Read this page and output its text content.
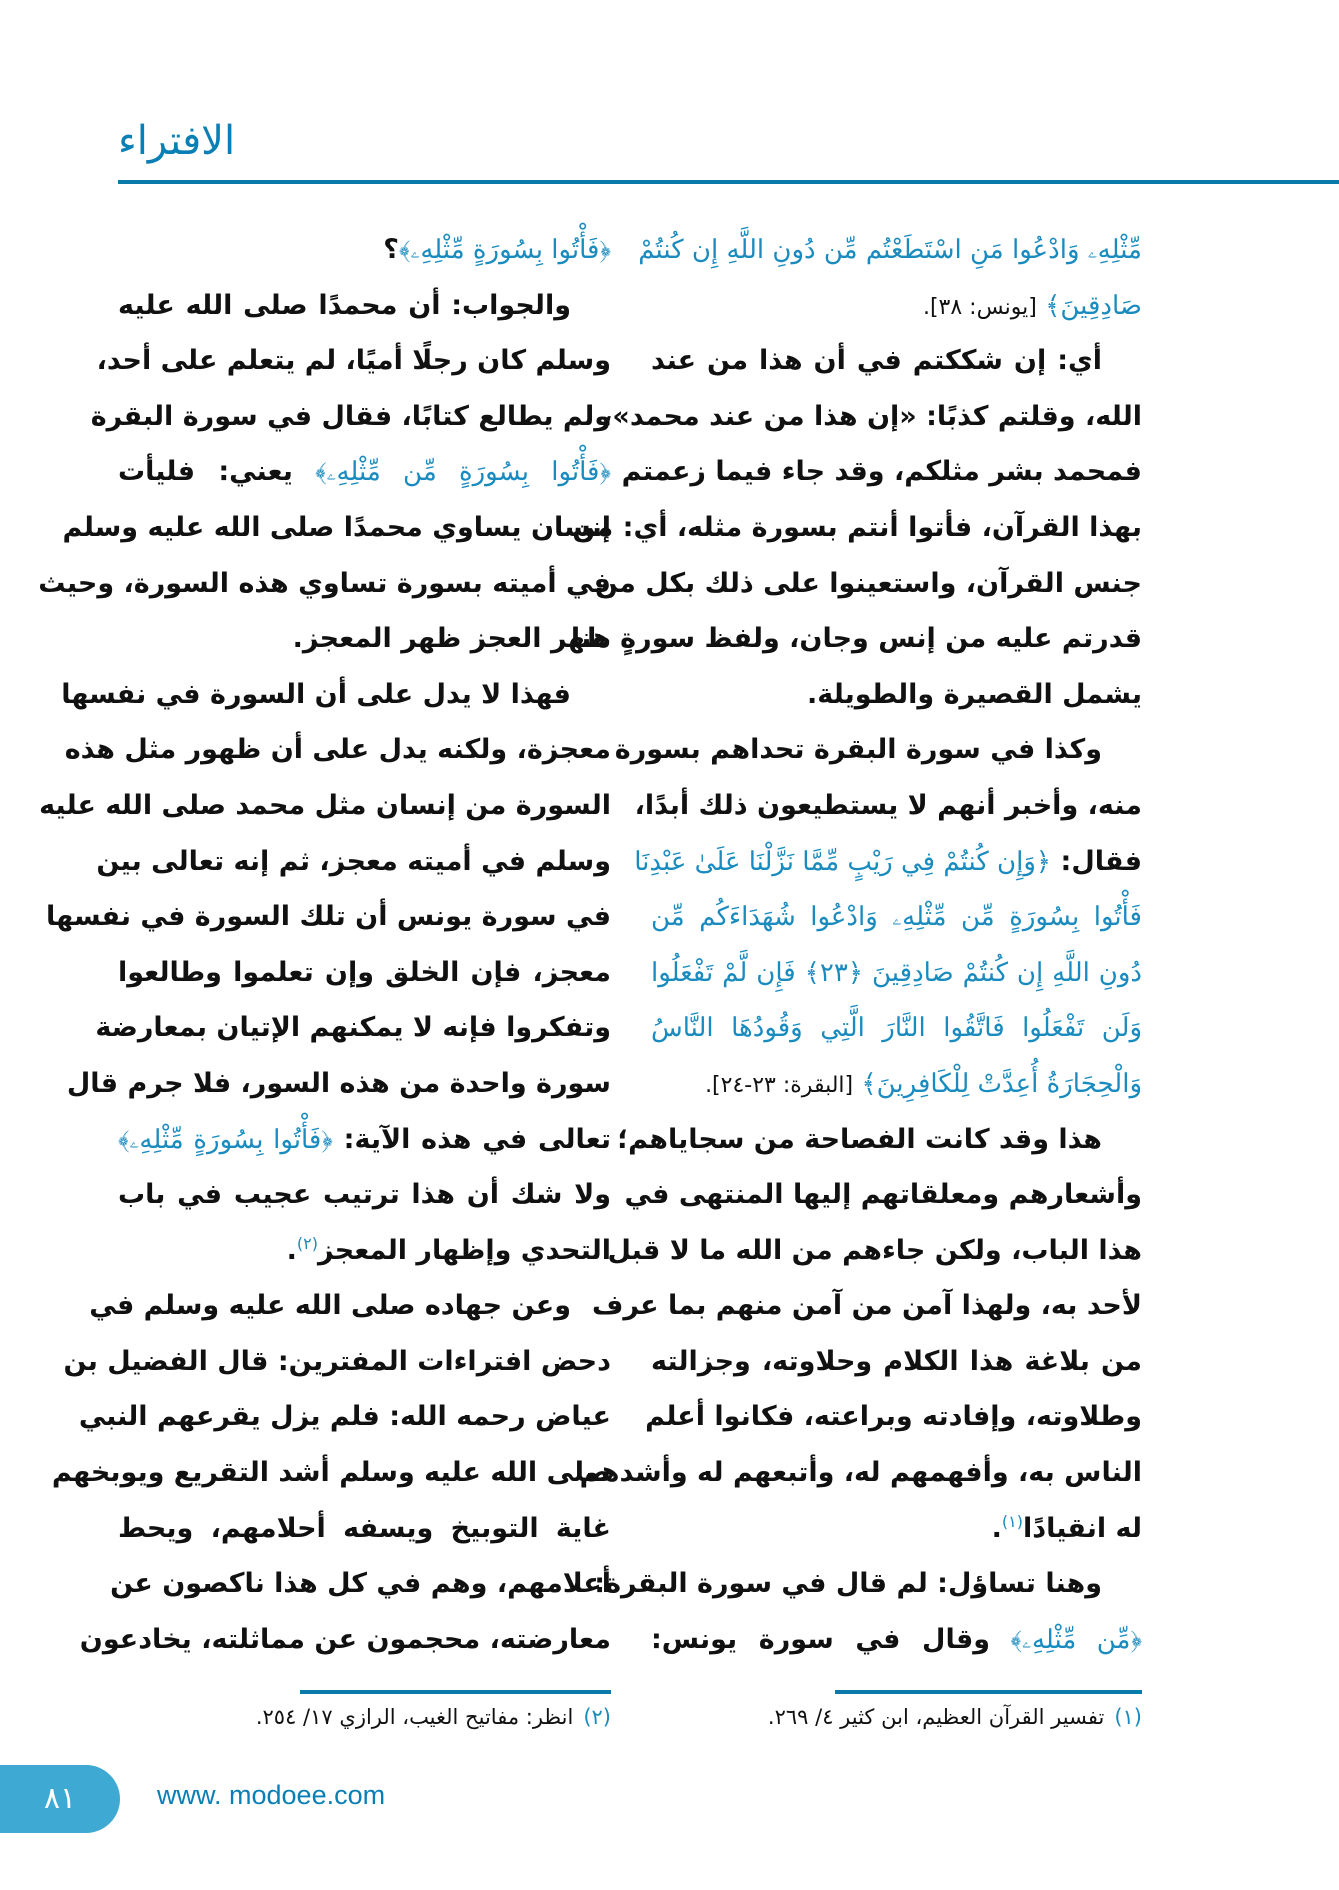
الافتراء
مِّثْلِهِۦ وَادْعُوا مَنِ اسْتَطَعْتُم مِّن دُونِ اللَّهِ إِن كُنتُمْ
صَادِقِينَ﴾ [يونس: ٣٨].
أي: إن شككتم في أن هذا من عند
الله، وقلتم كذبًا: «إن هذا من عند محمد»،
فمحمد بشر مثلكم، وقد جاء فيما زعمتم
بهذا القرآن، فأتوا أنتم بسورة مثله، أي: من
جنس القرآن، واستعينوا على ذلك بكل من
قدرتم عليه من إنس وجان، ولفظ سورةٍ هنا
يشمل القصيرة والطويلة.
وكذا في سورة البقرة تحداهم بسورة
منه، وأخبر أنهم لا يستطيعون ذلك أبدًا،
فقال: ﴿وَإِن كُنتُمْ فِي رَيْبٍ مِّمَّا نَزَّلْنَا عَلَىٰ عَبْدِنَا
فَأْتُوا بِسُورَةٍ مِّن مِّثْلِهِۦ وَادْعُوا شُهَدَاءَكُم مِّن
دُونِ اللَّهِ إِن كُنتُمْ صَادِقِينَ ﴿٢٣﴾ فَإِن لَّمْ تَفْعَلُوا
وَلَن تَفْعَلُوا فَاتَّقُوا النَّارَ الَّتِي وَقُودُهَا النَّاسُ
وَالْحِجَارَةُ أُعِدَّتْ لِلْكَافِرِينَ﴾ [البقرة: ٢٣-٢٤].
هذا وقد كانت الفصاحة من سجاياهم؛
وأشعارهم ومعلقاتهم إليها المنتهى في
هذا الباب، ولكن جاءهم من الله ما لا قبل
لأحد به، ولهذا آمن من آمن منهم بما عرف
من بلاغة هذا الكلام وحلاوته، وجزالته
وطلاوته، وإفادته وبراعته، فكانوا أعلم
الناس به، وأفهمهم له، وأتبعهم له وأشدهم
له انقيادًا$^{(١)}$.
وهنا تساؤل: لم قال في سورة البقرة:
﴿مِّن مِّثْلِهِۦ﴾ وقال في سورة يونس:
﴿فَأْتُوا بِسُورَةٍ مِّثْلِهِۦ﴾؟
والجواب: أن محمدًا صلى الله عليه
وسلم كان رجلًا أميًا، لم يتعلم على أحد،
ولم يطالع كتابًا، فقال في سورة البقرة
﴿فَأْتُوا بِسُورَةٍ مِّن مِّثْلِهِۦ﴾ يعني: فليأت
إنسان يساوي محمدًا صلى الله عليه وسلم
في أميته بسورة تساوي هذه السورة، وحيث
ظهر العجز ظهر المعجز.
فهذا لا يدل على أن السورة في نفسها
معجزة، ولكنه يدل على أن ظهور مثل هذه
السورة من إنسان مثل محمد صلى الله عليه
وسلم في أميته معجز، ثم إنه تعالى بين
في سورة يونس أن تلك السورة في نفسها
معجز، فإن الخلق وإن تعلموا وطالعوا
وتفكروا فإنه لا يمكنهم الإتيان بمعارضة
سورة واحدة من هذه السور، فلا جرم قال
تعالى في هذه الآية: ﴿فَأْتُوا بِسُورَةٍ مِّثْلِهِۦ﴾
ولا شك أن هذا ترتيب عجيب في باب
التحدي وإظهار المعجز$^{(٢)}$.
وعن جهاده صلى الله عليه وسلم في
دحض افتراءات المفترين: قال الفضيل بن
عياض رحمه الله: فلم يزل يقرعهم النبي
صلى الله عليه وسلم أشد التقريع ويوبخهم
غاية التوبيخ ويسفه أحلامهم، ويحط
أعلامهم، وهم في كل هذا ناكصون عن
معارضته، محجمون عن مماثلته، يخادعون
(١)تفسير القرآن العظيم، ابن كثير ٤/ ٢٦٩.
(٢)انظر: مفاتيح الغيب، الرازي ١٧/ ٢٥٤.
٨١	www. modoee.com
